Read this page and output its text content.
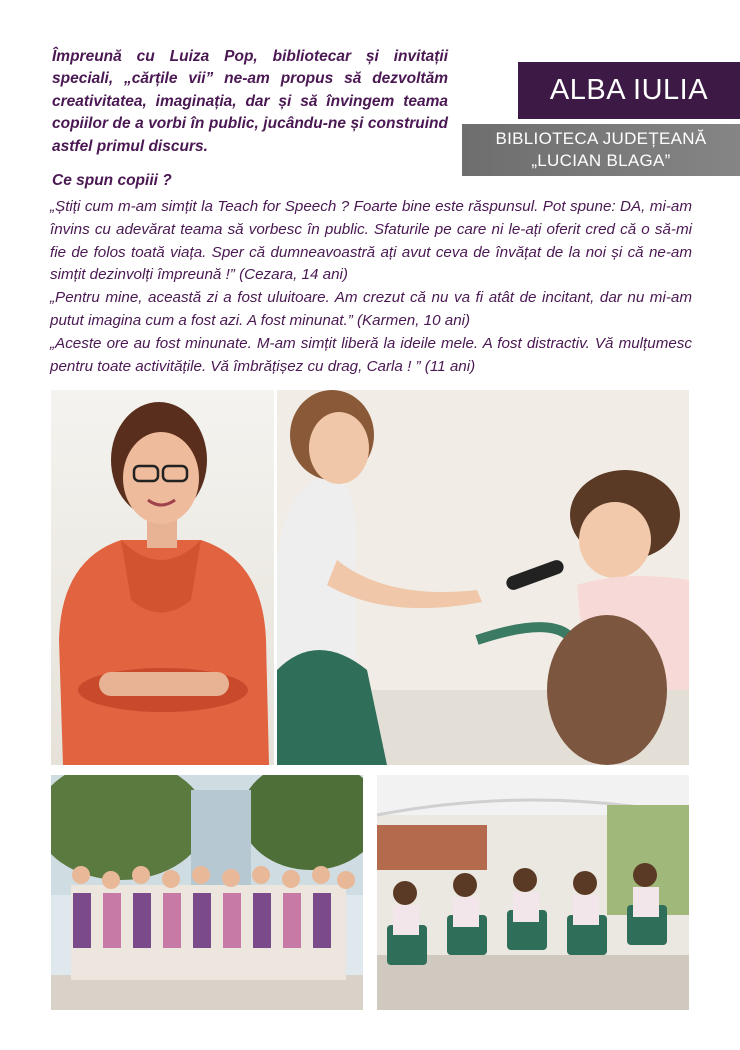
Împreună cu Luiza Pop, bibliotecar și invitații speciali, „cărțile vii” ne-am propus să dezvoltăm creativitatea, imaginația, dar și să învingem teama copiilor de a vorbi în public, jucându-ne și construind astfel primul discurs.

ALBA IULIA
BIBLIOTECA JUDEȚEANĂ
„LUCIAN BLAGA”

Ce spun copiii ?

„Știți cum m-am simțit la Teach for Speech ? Foarte bine este răspunsul. Pot spune: DA, mi-am învins cu adevărat teama să vorbesc în public. Sfaturile pe care ni le-ați oferit cred că o să-mi fie de folos toată viața. Sper că dumneavoastră ați avut ceva de învățat de la noi și că ne-am simțit dezinvolți împreună !” (Cezara, 14 ani)

„Pentru mine, această zi a fost uluitoare. Am crezut că nu va fi atât de incitant, dar nu mi-am putut imagina cum a fost azi. A fost minunat.” (Karmen, 10 ani)

„Aceste ore au fost minunate. M-am simțit liberă la ideile mele. A fost distractiv. Vă mulțumesc pentru toate activitățile. Vă îmbrățișez cu drag, Carla ! ” (11 ani)
